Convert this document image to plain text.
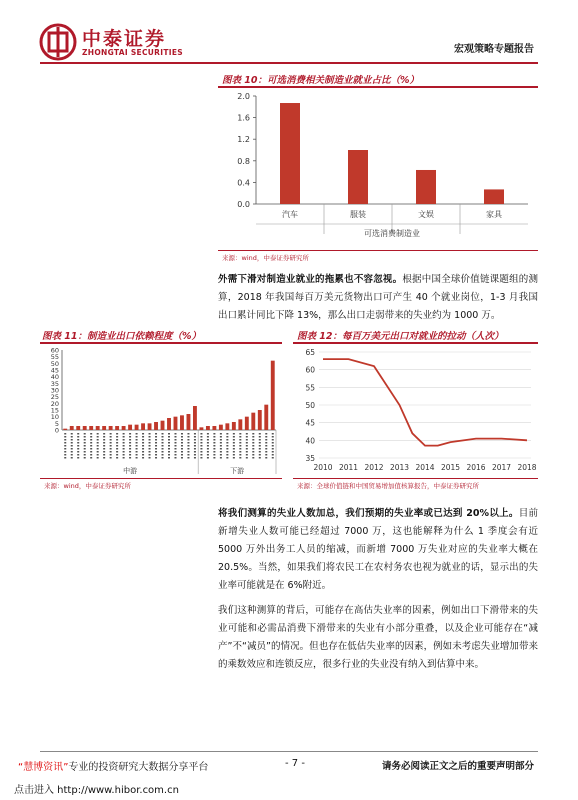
中泰证券
ZHONGTAI SECURITIES	宏观策略专题报告
图表 10：可选消费相关制造业就业占比（%）
0.0
0.4
0.8
1.2
1.6
2.0
汽车	服装	文娱	家具
可选消费制造业
来源：wind，中泰证券研究所
外需下滑对制造业就业的拖累也不容忽视。根据中国全球价值链课题组的测算，2018 年我国每百万美元货物出口可产生 40 个就业岗位，1-3 月我国出口累计同比下降 13%，那么出口走弱带来的失业约为 1000 万。
图表 11：制造业出口依赖程度（%）
0
5
10
15
20
25
30
35
40
45
50
55
60
中游	下游
来源：wind，中泰证券研究所
图表 12：每百万美元出口对就业的拉动（人次）
35
40
45
50
55
60
65
2010 2011 2012 2013 2014 2015 2016 2017 2018
来源：全球价值链和中国贸易增加值核算报告，中泰证券研究所
将我们测算的失业人数加总，我们预期的失业率或已达到 20%以上。目前新增失业人数可能已经超过 7000 万，这也能解释为什么 1 季度会有近 5000 万外出务工人员的缩减，而新增 7000 万失业对应的失业率大概在 20.5%。当然，如果我们将农民工在农村务农也视为就业的话，显示出的失业率可能就是在 6%附近。
我们这种测算的背后，可能存在高估失业率的因素，例如出口下滑带来的失业可能和必需品消费下滑带来的失业有小部分重叠，以及企业可能存在“减产”不“减员”的情况。但也存在低估失业率的因素，例如未考虑失业增加带来的乘数效应和连锁反应，很多行业的失业没有纳入到估算中来。
“慧博资讯”专业的投资研究大数据分享平台	- 7 -	请务必阅读正文之后的重要声明部分
点击进入 http://www.hibor.com.cn
